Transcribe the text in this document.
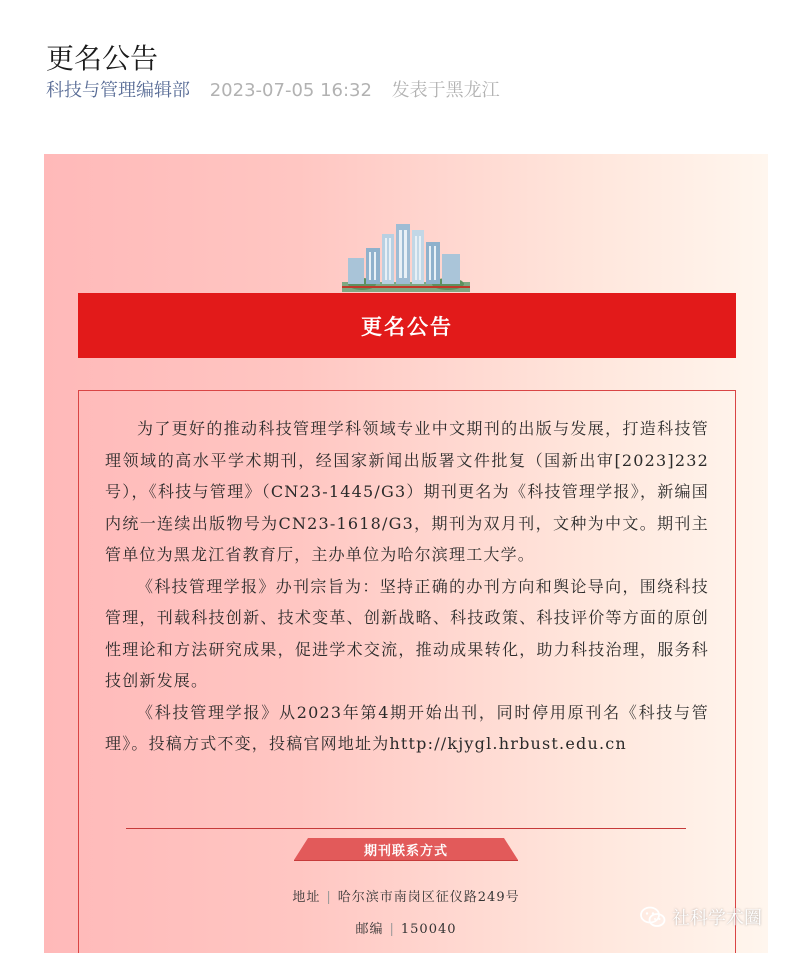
更名公告
科技与管理编辑部 2023-07-05 16:32 发表于黑龙江
更名公告

为了更好的推动科技管理学科领域专业中文期刊的出版与发展，打造科技管理领域的高水平学术期刊，经国家新闻出版署文件批复（国新出审[2023]232号），《科技与管理》（CN23-1445/G3）期刊更名为《科技管理学报》，新编国内统一连续出版物号为CN23-1618/G3，期刊为双月刊，文种为中文。期刊主管单位为黑龙江省教育厅，主办单位为哈尔滨理工大学。

《科技管理学报》办刊宗旨为：坚持正确的办刊方向和舆论导向，围绕科技管理，刊载科技创新、技术变革、创新战略、科技政策、科技评价等方面的原创性理论和方法研究成果，促进学术交流，推动成果转化，助力科技治理，服务科技创新发展。

《科技管理学报》从2023年第4期开始出刊，同时停用原刊名《科技与管理》。投稿方式不变，投稿官网地址为http://kjygl.hrbust.edu.cn

期刊联系方式
地址 | 哈尔滨市南岗区征仪路249号
邮编 | 150040
社科学术圈
